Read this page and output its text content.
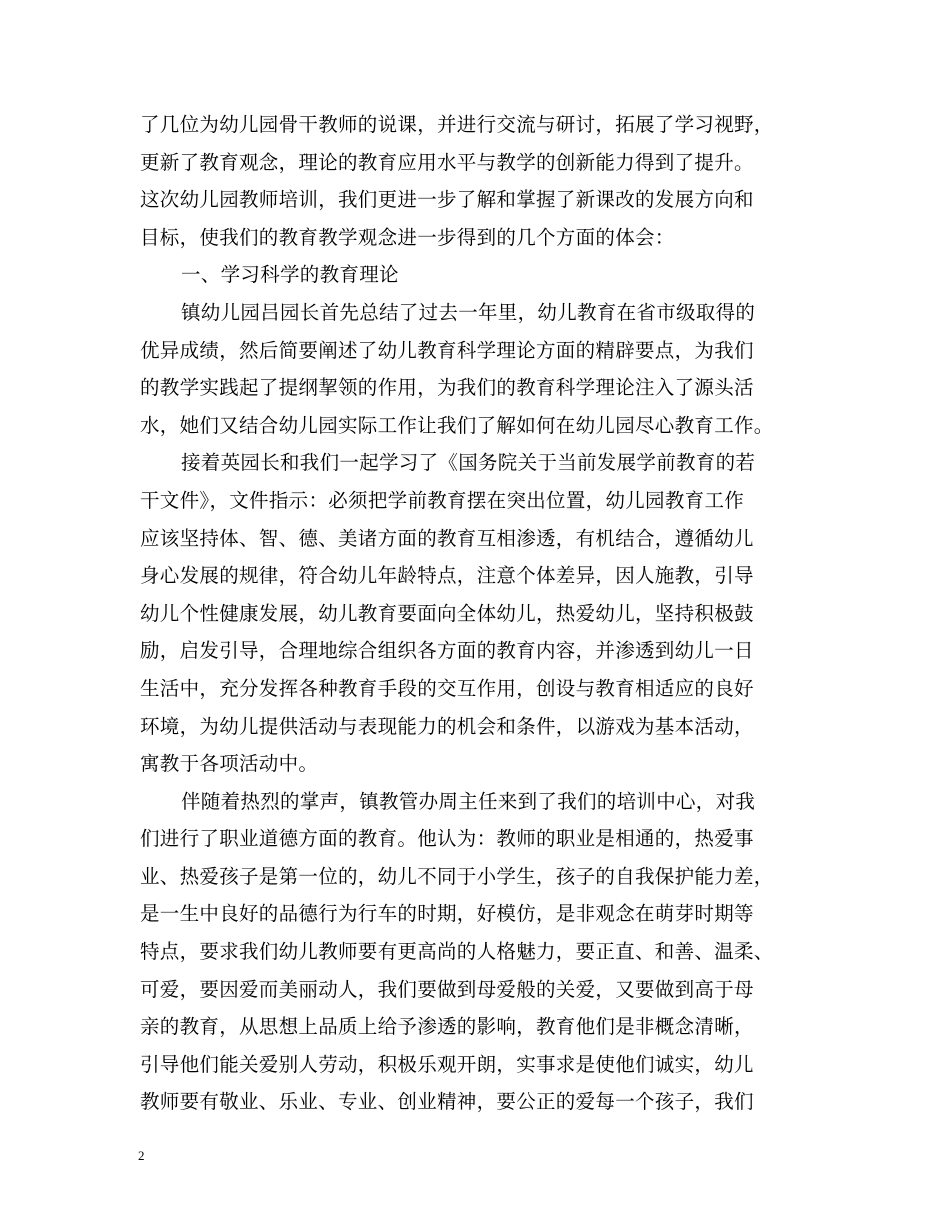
了几位为幼儿园骨干教师的说课，并进行交流与研讨，拓展了学习视野，
更新了教育观念，理论的教育应用水平与教学的创新能力得到了提升。
这次幼儿园教师培训，我们更进一步了解和掌握了新课改的发展方向和
目标，使我们的教育教学观念进一步得到的几个方面的体会：
一、学习科学的教育理论
镇幼儿园吕园长首先总结了过去一年里，幼儿教育在省市级取得的
优异成绩，然后简要阐述了幼儿教育科学理论方面的精辟要点，为我们
的教学实践起了提纲挈领的作用，为我们的教育科学理论注入了源头活
水，她们又结合幼儿园实际工作让我们了解如何在幼儿园尽心教育工作。
接着英园长和我们一起学习了《国务院关于当前发展学前教育的若
干文件》，文件指示：必须把学前教育摆在突出位置，幼儿园教育工作
应该坚持体、智、德、美诸方面的教育互相渗透，有机结合，遵循幼儿
身心发展的规律，符合幼儿年龄特点，注意个体差异，因人施教，引导
幼儿个性健康发展，幼儿教育要面向全体幼儿，热爱幼儿，坚持积极鼓
励，启发引导，合理地综合组织各方面的教育内容，并渗透到幼儿一日
生活中，充分发挥各种教育手段的交互作用，创设与教育相适应的良好
环境，为幼儿提供活动与表现能力的机会和条件，以游戏为基本活动，
寓教于各项活动中。
伴随着热烈的掌声，镇教管办周主任来到了我们的培训中心，对我
们进行了职业道德方面的教育。他认为：教师的职业是相通的，热爱事
业、热爱孩子是第一位的，幼儿不同于小学生，孩子的自我保护能力差，
是一生中良好的品德行为行车的时期，好模仿，是非观念在萌芽时期等
特点，要求我们幼儿教师要有更高尚的人格魅力，要正直、和善、温柔、
可爱，要因爱而美丽动人，我们要做到母爱般的关爱，又要做到高于母
亲的教育，从思想上品质上给予渗透的影响，教育他们是非概念清晰，
引导他们能关爱别人劳动，积极乐观开朗，实事求是使他们诚实，幼儿
教师要有敬业、乐业、专业、创业精神，要公正的爱每一个孩子，我们
2
